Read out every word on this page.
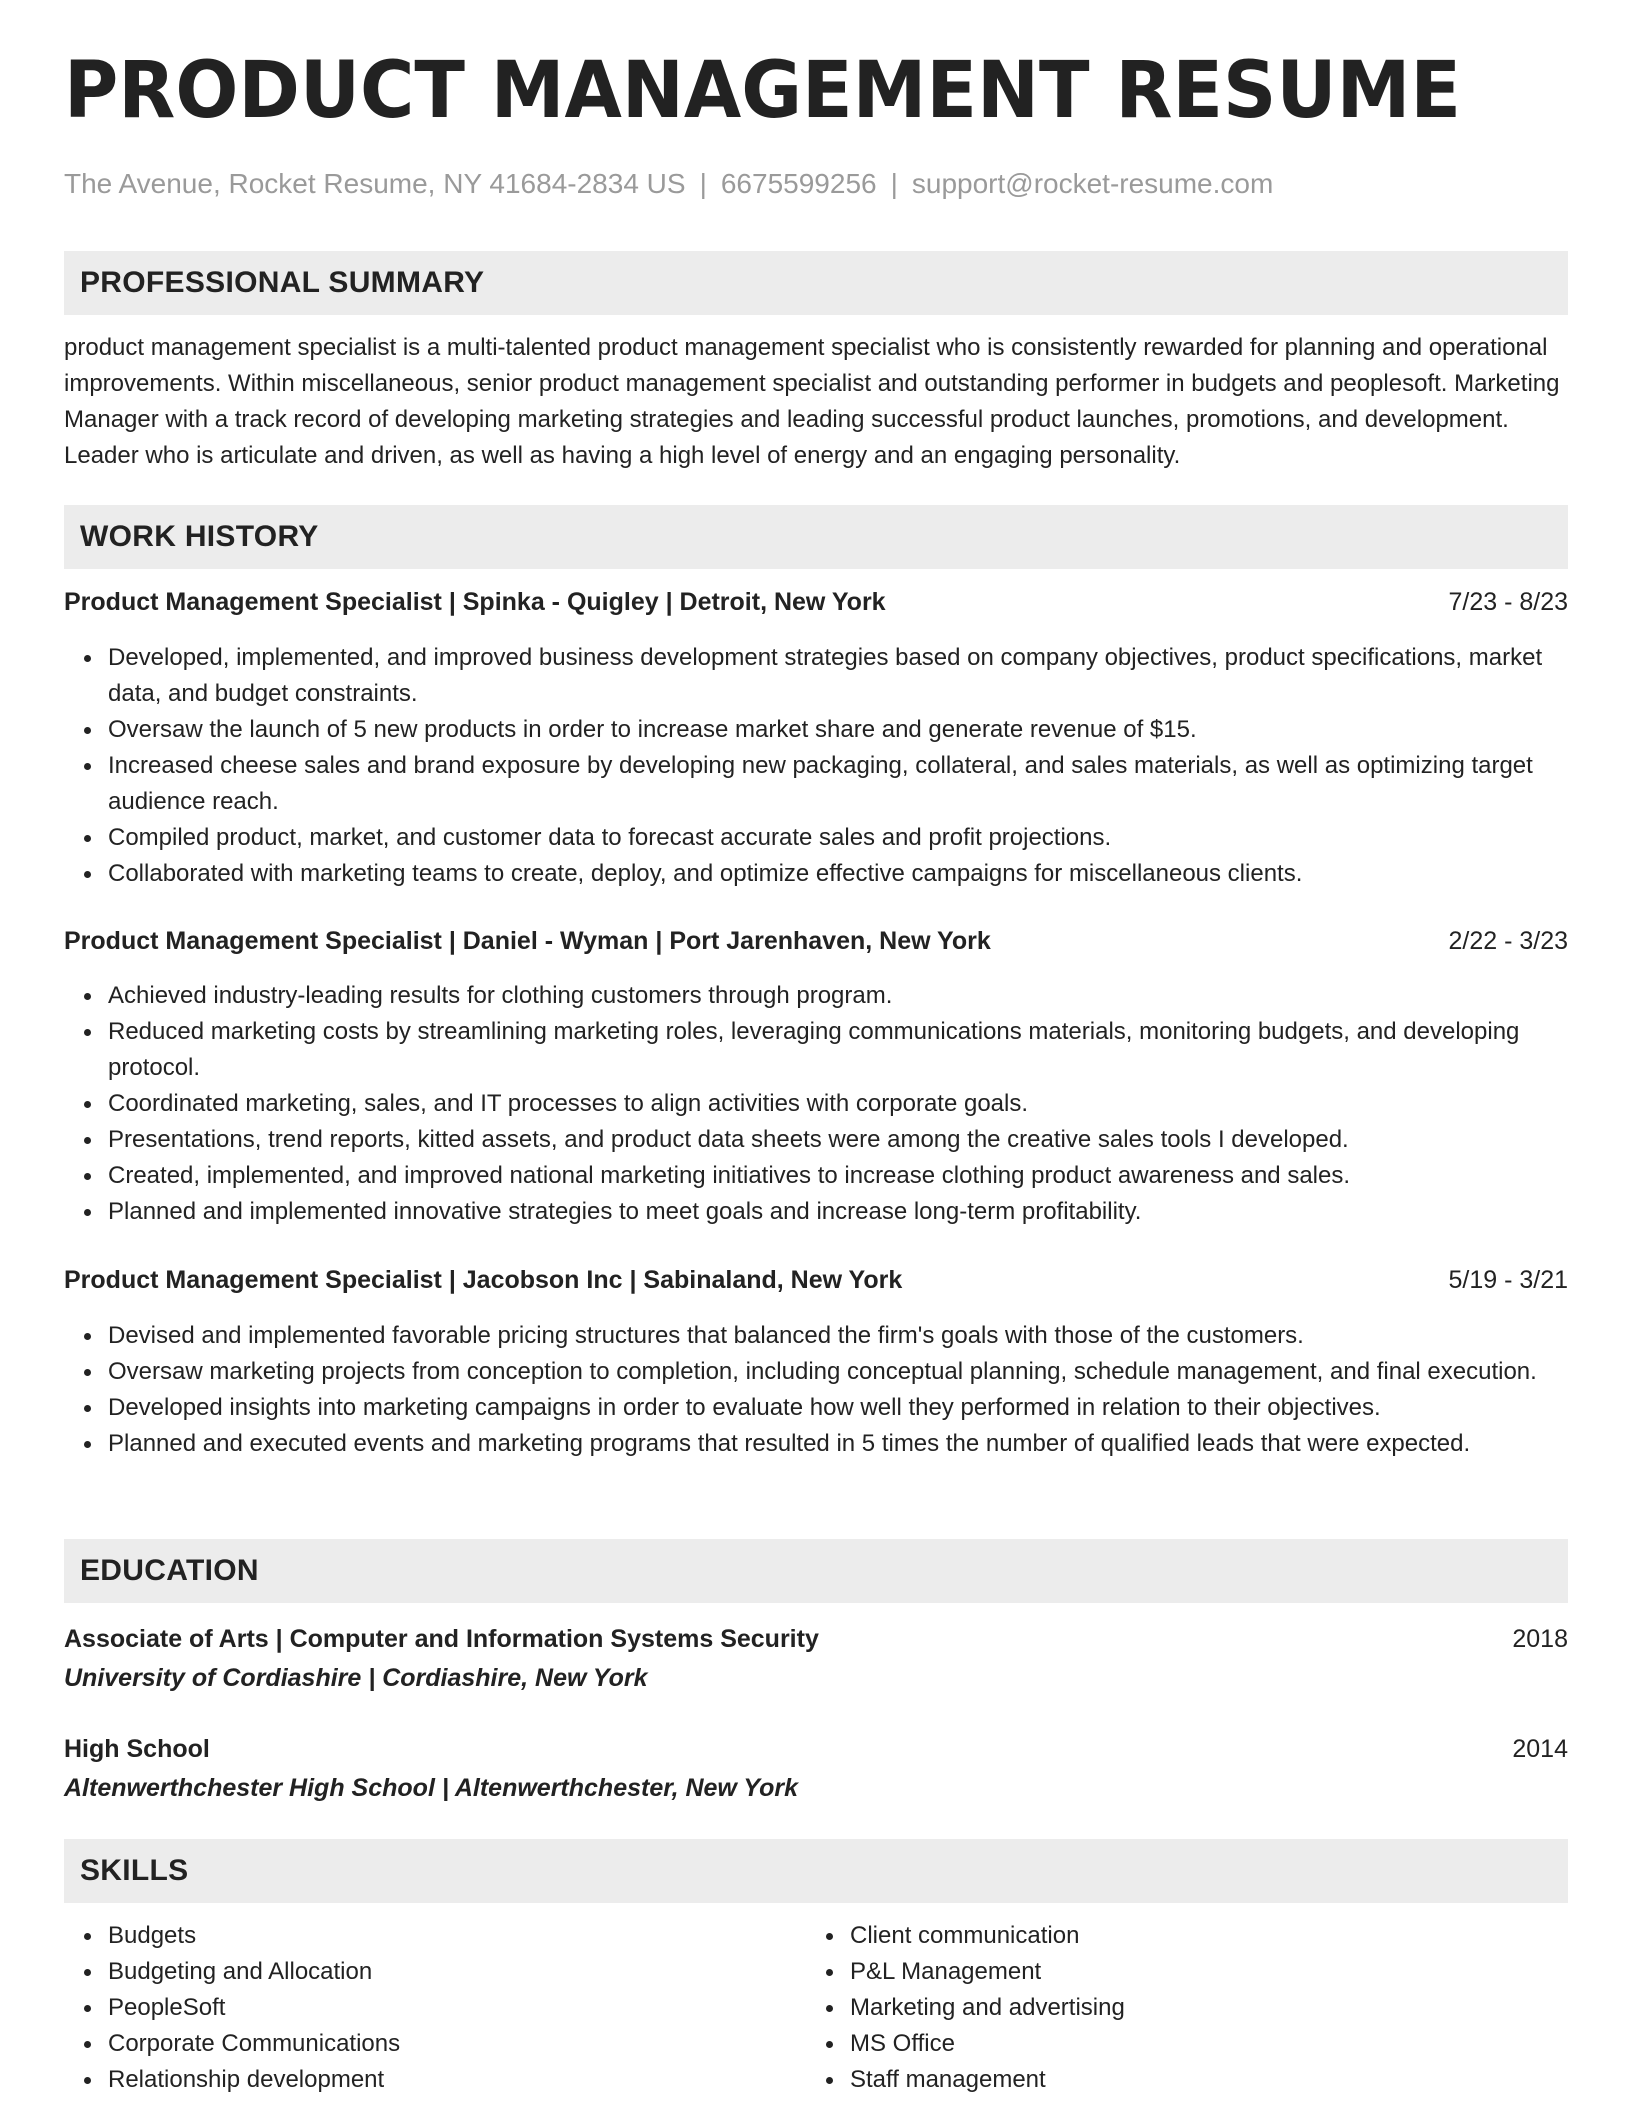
PRODUCT MANAGEMENT RESUME
The Avenue, Rocket Resume, NY 41684-2834 US | 6675599256 | support@rocket-resume.com
PROFESSIONAL SUMMARY

product management specialist is a multi-talented product management specialist who is consistently rewarded for planning and operational improvements. Within miscellaneous, senior product management specialist and outstanding performer in budgets and peoplesoft. Marketing Manager with a track record of developing marketing strategies and leading successful product launches, promotions, and development. Leader who is articulate and driven, as well as having a high level of energy and an engaging personality.

WORK HISTORY
Product Management Specialist | Spinka - Quigley | Detroit, New York	7/23 - 8/23
Developed, implemented, and improved business development strategies based on company objectives, product specifications, market data, and budget constraints.
Oversaw the launch of 5 new products in order to increase market share and generate revenue of $15.
Increased cheese sales and brand exposure by developing new packaging, collateral, and sales materials, as well as optimizing target audience reach.
Compiled product, market, and customer data to forecast accurate sales and profit projections.
Collaborated with marketing teams to create, deploy, and optimize effective campaigns for miscellaneous clients.
Product Management Specialist | Daniel - Wyman | Port Jarenhaven, New York	2/22 - 3/23
Achieved industry-leading results for clothing customers through program.
Reduced marketing costs by streamlining marketing roles, leveraging communications materials, monitoring budgets, and developing protocol.
Coordinated marketing, sales, and IT processes to align activities with corporate goals.
Presentations, trend reports, kitted assets, and product data sheets were among the creative sales tools I developed.
Created, implemented, and improved national marketing initiatives to increase clothing product awareness and sales.
Planned and implemented innovative strategies to meet goals and increase long-term profitability.
Product Management Specialist | Jacobson Inc | Sabinaland, New York	5/19 - 3/21
Devised and implemented favorable pricing structures that balanced the firm's goals with those of the customers.
Oversaw marketing projects from conception to completion, including conceptual planning, schedule management, and final execution.
Developed insights into marketing campaigns in order to evaluate how well they performed in relation to their objectives.
Planned and executed events and marketing programs that resulted in 5 times the number of qualified leads that were expected.
EDUCATION
Associate of Arts | Computer and Information Systems Security	2018
University of Cordiashire | Cordiashire, New York
High School	2014
Altenwerthchester High School | Altenwerthchester, New York
SKILLS
Budgets
Budgeting and Allocation
PeopleSoft
Corporate Communications
Relationship development
Client communication
P&L Management
Marketing and advertising
MS Office
Staff management
